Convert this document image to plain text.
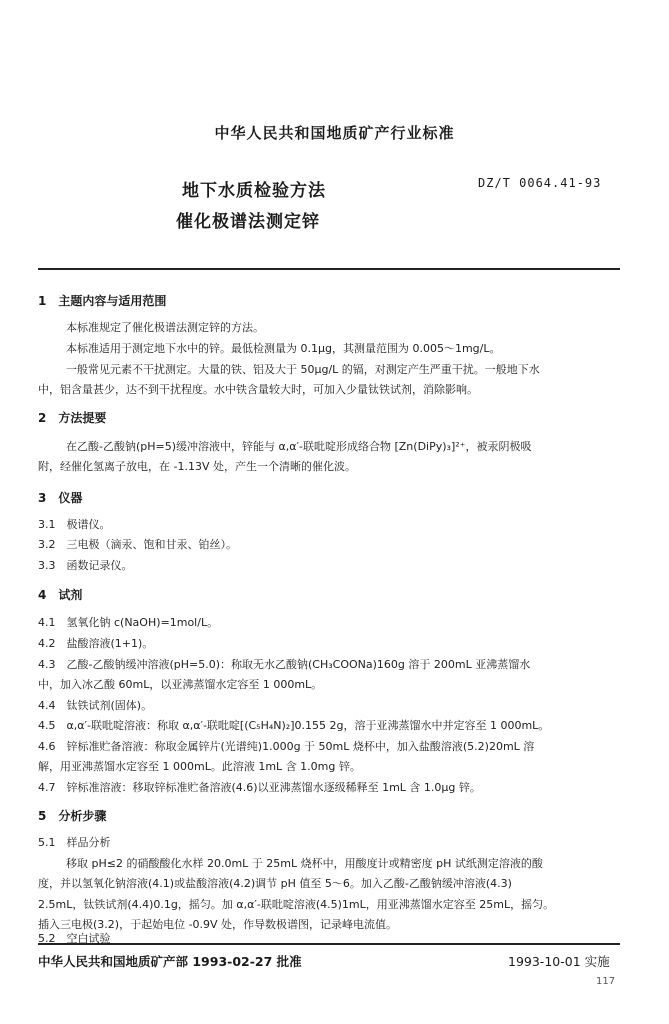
中华人民共和国地质矿产行业标准
地下水质检验方法
催化极谱法测定锌
DZ/T 0064.41-93
1　主题内容与适用范围
本标准规定了催化极谱法测定锌的方法。
本标准适用于测定地下水中的锌。最低检测量为 0.1μg，其测量范围为 0.005～1mg/L。
一般常见元素不干扰测定。大量的铁、铝及大于 50μg/L 的镉，对测定产生严重干扰。一般地下水
中，铝含量甚少，达不到干扰程度。水中铁含量较大时，可加入少量钛铁试剂，消除影响。
2　方法提要
在乙酸-乙酸钠(pH=5)缓冲溶液中，锌能与 α,α′-联吡啶形成络合物 [Zn(DiPy)₃]²⁺，被汞阴极吸
附，经催化氢离子放电，在 -1.13V 处，产生一个清晰的催化波。
3　仪器
3.1　极谱仪。
3.2　三电极（滴汞、饱和甘汞、铂丝）。
3.3　函数记录仪。
4　试剂
4.1　氢氧化钠 c(NaOH)=1mol/L。
4.2　盐酸溶液(1+1)。
4.3　乙酸-乙酸钠缓冲溶液(pH=5.0)：称取无水乙酸钠(CH₃COONa)160g 溶于 200mL 亚沸蒸馏水
中，加入冰乙酸 60mL，以亚沸蒸馏水定容至 1 000mL。
4.4　钛铁试剂(固体)。
4.5　α,α′-联吡啶溶液：称取 α,α′-联吡啶[(C₅H₄N)₂]0.155 2g，溶于亚沸蒸馏水中并定容至 1 000mL。
4.6　锌标准贮备溶液：称取金属锌片(光谱纯)1.000g 于 50mL 烧杯中，加入盐酸溶液(5.2)20mL 溶
解，用亚沸蒸馏水定容至 1 000mL。此溶液 1mL 含 1.0mg 锌。
4.7　锌标准溶液：移取锌标准贮备溶液(4.6)以亚沸蒸馏水逐级稀释至 1mL 含 1.0μg 锌。
5　分析步骤
5.1　样品分析
移取 pH≤2 的硝酸酸化水样 20.0mL 于 25mL 烧杯中，用酸度计或精密度 pH 试纸测定溶液的酸
度，并以氢氧化钠溶液(4.1)或盐酸溶液(4.2)调节 pH 值至 5～6。加入乙酸-乙酸钠缓冲溶液(4.3)
2.5mL，钛铁试剂(4.4)0.1g，摇匀。加 α,α′-联吡啶溶液(4.5)1mL，用亚沸蒸馏水定容至 25mL，摇匀。
插入三电极(3.2)，于起始电位 -0.9V 处，作导数极谱图，记录峰电流值。
5.2　空白试验
中华人民共和国地质矿产部 1993-02-27 批准	1993-10-01 实施
117
